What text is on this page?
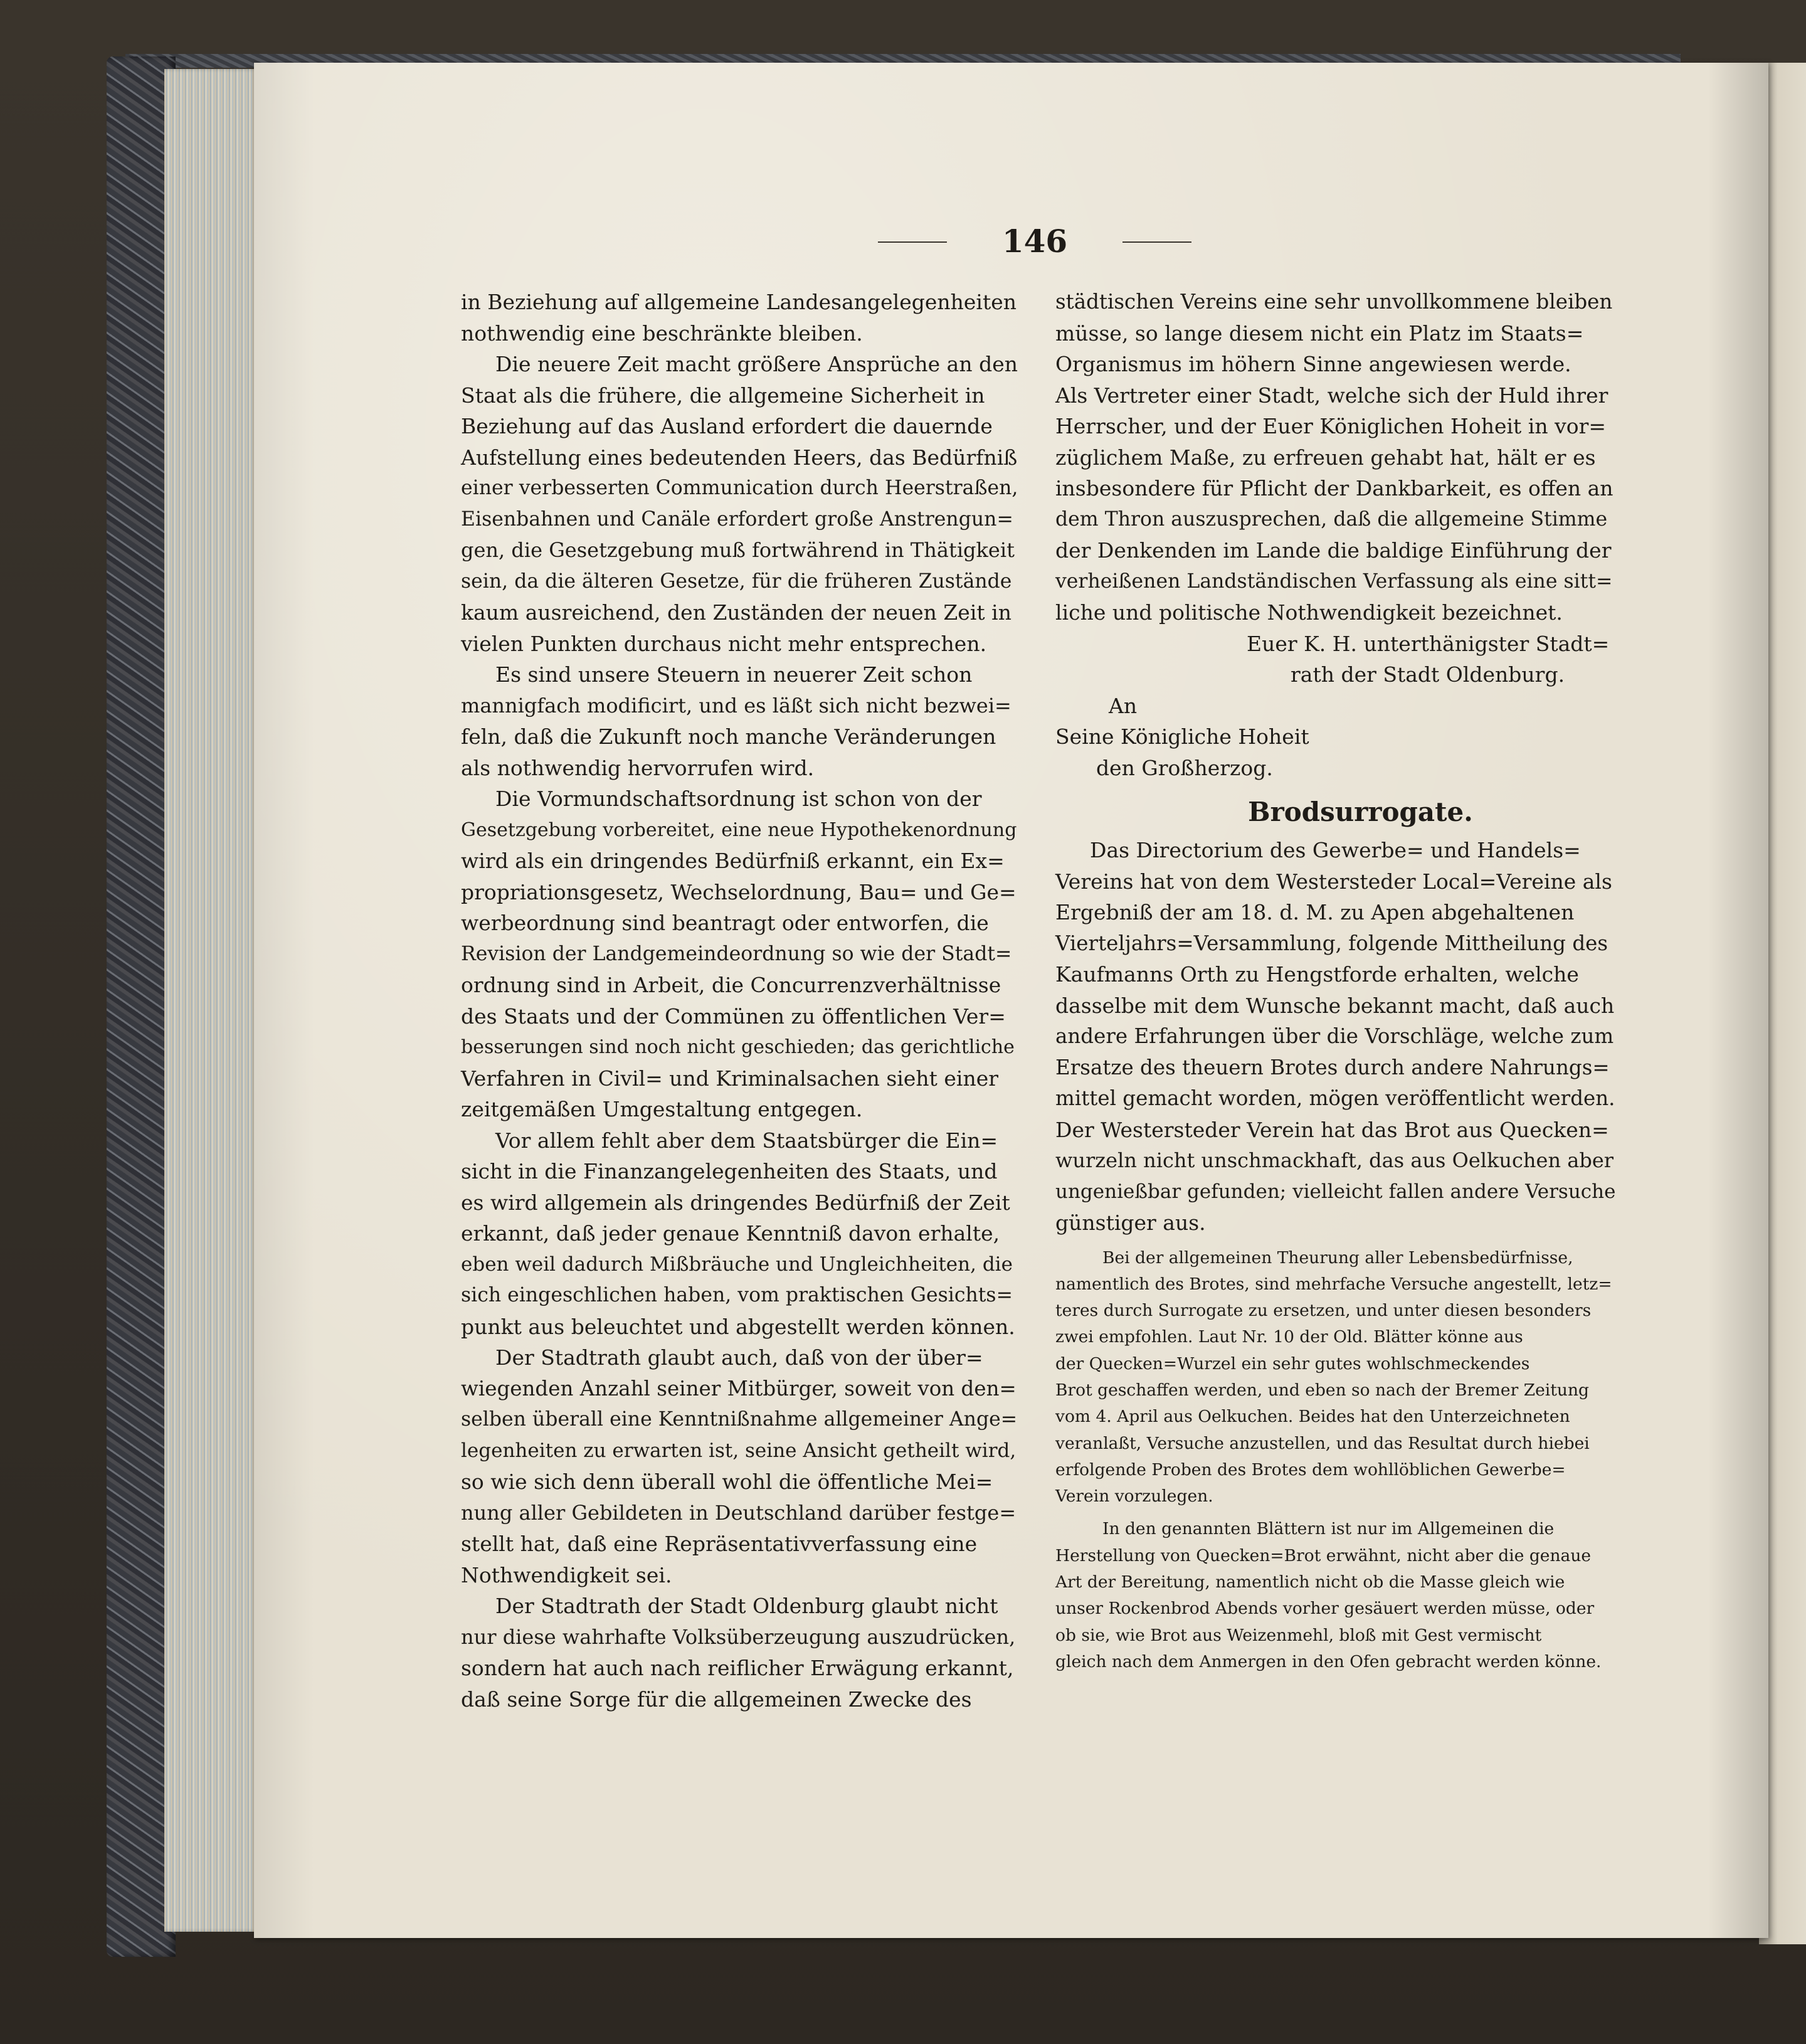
146
in Beziehung auf allgemeine Landesangelegenheiten
nothwendig eine beschränkte bleiben.
Die neuere Zeit macht größere Ansprüche an den
Staat als die frühere, die allgemeine Sicherheit in
Beziehung auf das Ausland erfordert die dauernde
Aufstellung eines bedeutenden Heers, das Bedürfniß
einer verbesserten Communication durch Heerstraßen,
Eisenbahnen und Canäle erfordert große Anstrengun=
gen, die Gesetzgebung muß fortwährend in Thätigkeit
sein, da die älteren Gesetze, für die früheren Zustände
kaum ausreichend, den Zuständen der neuen Zeit in
vielen Punkten durchaus nicht mehr entsprechen.
Es sind unsere Steuern in neuerer Zeit schon
mannigfach modificirt, und es läßt sich nicht bezwei=
feln, daß die Zukunft noch manche Veränderungen
als nothwendig hervorrufen wird.
Die Vormundschaftsordnung ist schon von der
Gesetzgebung vorbereitet, eine neue Hypothekenordnung
wird als ein dringendes Bedürfniß erkannt, ein Ex=
propriationsgesetz, Wechselordnung, Bau= und Ge=
werbeordnung sind beantragt oder entworfen, die
Revision der Landgemeindeordnung so wie der Stadt=
ordnung sind in Arbeit, die Concurrenzverhältnisse
des Staats und der Commünen zu öffentlichen Ver=
besserungen sind noch nicht geschieden; das gerichtliche
Verfahren in Civil= und Kriminalsachen sieht einer
zeitgemäßen Umgestaltung entgegen.
Vor allem fehlt aber dem Staatsbürger die Ein=
sicht in die Finanzangelegenheiten des Staats, und
es wird allgemein als dringendes Bedürfniß der Zeit
erkannt, daß jeder genaue Kenntniß davon erhalte,
eben weil dadurch Mißbräuche und Ungleichheiten, die
sich eingeschlichen haben, vom praktischen Gesichts=
punkt aus beleuchtet und abgestellt werden können.
Der Stadtrath glaubt auch, daß von der über=
wiegenden Anzahl seiner Mitbürger, soweit von den=
selben überall eine Kenntnißnahme allgemeiner Ange=
legenheiten zu erwarten ist, seine Ansicht getheilt wird,
so wie sich denn überall wohl die öffentliche Mei=
nung aller Gebildeten in Deutschland darüber festge=
stellt hat, daß eine Repräsentativverfassung eine
Nothwendigkeit sei.
Der Stadtrath der Stadt Oldenburg glaubt nicht
nur diese wahrhafte Volksüberzeugung auszudrücken,
sondern hat auch nach reiflicher Erwägung erkannt,
daß seine Sorge für die allgemeinen Zwecke des
städtischen Vereins eine sehr unvollkommene bleiben
müsse, so lange diesem nicht ein Platz im Staats=
Organismus im höhern Sinne angewiesen werde.
Als Vertreter einer Stadt, welche sich der Huld ihrer
Herrscher, und der Euer Königlichen Hoheit in vor=
züglichem Maße, zu erfreuen gehabt hat, hält er es
insbesondere für Pflicht der Dankbarkeit, es offen an
dem Thron auszusprechen, daß die allgemeine Stimme
der Denkenden im Lande die baldige Einführung der
verheißenen Landständischen Verfassung als eine sitt=
liche und politische Nothwendigkeit bezeichnet.
Euer K. H. unterthänigster Stadt=
rath der Stadt Oldenburg.
An
Seine Königliche Hoheit
den Großherzog.
Brodsurrogate.
Das Directorium des Gewerbe= und Handels=
Vereins hat von dem Westersteder Local=Vereine als
Ergebniß der am 18. d. M. zu Apen abgehaltenen
Vierteljahrs=Versammlung, folgende Mittheilung des
Kaufmanns Orth zu Hengstforde erhalten, welche
dasselbe mit dem Wunsche bekannt macht, daß auch
andere Erfahrungen über die Vorschläge, welche zum
Ersatze des theuern Brotes durch andere Nahrungs=
mittel gemacht worden, mögen veröffentlicht werden.
Der Westersteder Verein hat das Brot aus Quecken=
wurzeln nicht unschmackhaft, das aus Oelkuchen aber
ungenießbar gefunden; vielleicht fallen andere Versuche
günstiger aus.
Bei der allgemeinen Theurung aller Lebensbedürfnisse,
namentlich des Brotes, sind mehrfache Versuche angestellt, letz=
teres durch Surrogate zu ersetzen, und unter diesen besonders
zwei empfohlen. Laut Nr. 10 der Old. Blätter könne aus
der Quecken=Wurzel ein sehr gutes wohlschmeckendes
Brot geschaffen werden, und eben so nach der Bremer Zeitung
vom 4. April aus Oelkuchen. Beides hat den Unterzeichneten
veranlaßt, Versuche anzustellen, und das Resultat durch hiebei
erfolgende Proben des Brotes dem wohllöblichen Gewerbe=
Verein vorzulegen.
In den genannten Blättern ist nur im Allgemeinen die
Herstellung von Quecken=Brot erwähnt, nicht aber die genaue
Art der Bereitung, namentlich nicht ob die Masse gleich wie
unser Rockenbrod Abends vorher gesäuert werden müsse, oder
ob sie, wie Brot aus Weizenmehl, bloß mit Gest vermischt
gleich nach dem Anmergen in den Ofen gebracht werden könne.
